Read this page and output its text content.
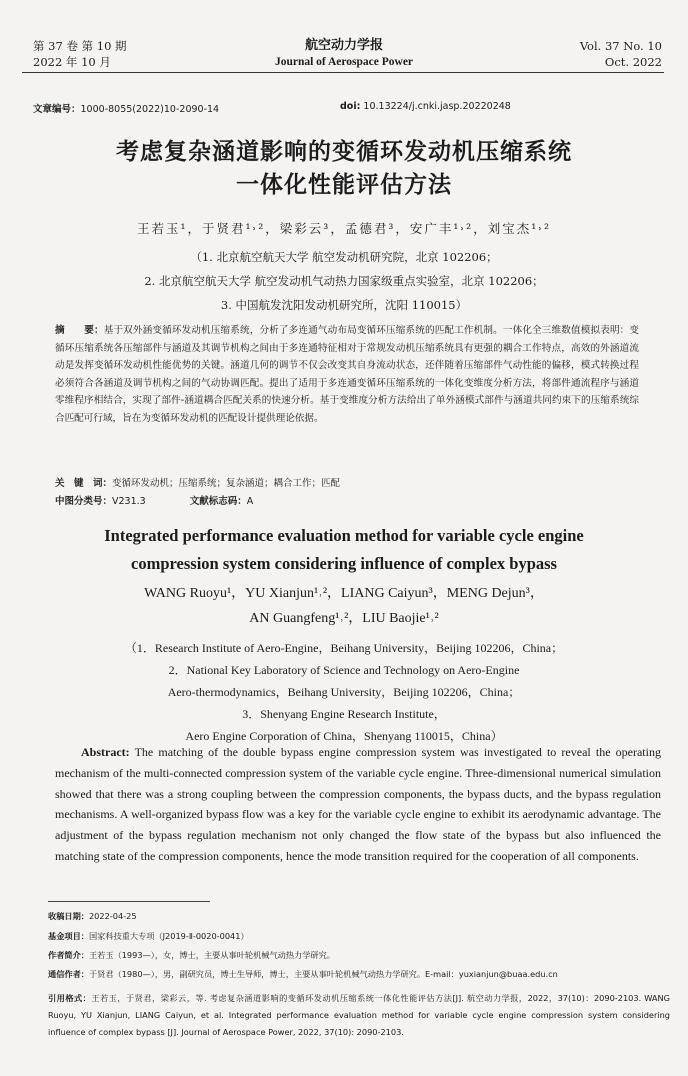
第 37 卷 第 10 期
2022 年 10 月
航空动力学报
Journal of Aerospace Power
Vol. 37 No. 10
Oct. 2022
文章编号：1000-8055(2022)10-2090-14	doi: 10.13224/j.cnki.jasp.20220248
考虑复杂涵道影响的变循环发动机压缩系统
一体化性能评估方法
王若玉¹，于贤君¹˒²，梁彩云³，孟德君³，安广丰¹˒²，刘宝杰¹˒²
（1. 北京航空航天大学 航空发动机研究院，北京 102206；
2. 北京航空航天大学 航空发动机气动热力国家级重点实验室，北京 102206；
3. 中国航发沈阳发动机研究所，沈阳 110015）
摘　　要：基于双外涵变循环发动机压缩系统，分析了多连通气动布局变循环压缩系统的匹配工作机制。一体化全三维数值模拟表明：变循环压缩系统各压缩部件与涵道及其调节机构之间由于多连通特征相对于常规发动机压缩系统具有更强的耦合工作特点，高效的外涵道流动是发挥变循环发动机性能优势的关键。涵道几何的调节不仅会改变其自身流动状态，还伴随着压缩部件气动性能的偏移，模式转换过程必须符合各涵道及调节机构之间的气动协调匹配。提出了适用于多连通变循环压缩系统的一体化变维度分析方法，将部件通流程序与涵道零维程序相结合，实现了部件-涵道耦合匹配关系的快速分析。基于变维度分析方法给出了单外涵模式部件与涵道共同约束下的压缩系统综合匹配可行域，旨在为变循环发动机的匹配设计提供理论依据。
关　键　词：变循环发动机；压缩系统；复杂涵道；耦合工作；匹配
中图分类号：V231.3	文献标志码：A
Integrated performance evaluation method for variable cycle engine
compression system considering influence of complex bypass
WANG Ruoyu¹，YU Xianjun¹˒²，LIANG Caiyun³，MENG Dejun³，
AN Guangfeng¹˒²，LIU Baojie¹˒²
（1．Research Institute of Aero-Engine，Beihang University，Beijing 102206，China；
2．National Key Laboratory of Science and Technology on Aero-Engine
Aero-thermodynamics，Beihang University，Beijing 102206，China；
3．Shenyang Engine Research Institute，
Aero Engine Corporation of China，Shenyang 110015，China）
Abstract: The matching of the double bypass engine compression system was investigated to reveal the operating mechanism of the multi-connected compression system of the variable cycle engine. Three-dimensional numerical simulation showed that there was a strong coupling between the compression components, the bypass ducts, and the bypass regulation mechanisms. A well-organized bypass flow was a key for the variable cycle engine to exhibit its aerodynamic advantage. The adjustment of the bypass regulation mechanism not only changed the flow state of the bypass but also influenced the matching state of the compression components, hence the mode transition required for the cooperation of all components.
收稿日期：2022-04-25
基金项目：国家科技重大专项（J2019-Ⅱ-0020-0041）
作者简介：王若玉（1993—），女，博士，主要从事叶轮机械气动热力学研究。
通信作者：于贤君（1980—），男，副研究员，博士生导师，博士，主要从事叶轮机械气动热力学研究。E-mail：yuxianjun@buaa.edu.cn
引用格式：王若玉，于贤君，梁彩云，等. 考虑复杂涵道影响的变循环发动机压缩系统一体化性能评估方法[J]. 航空动力学报，2022，37(10)：2090-2103. WANG Ruoyu, YU Xianjun, LIANG Caiyun, et al. Integrated performance evaluation method for variable cycle engine compression system considering influence of complex bypass [J]. Journal of Aerospace Power, 2022, 37(10): 2090-2103.
